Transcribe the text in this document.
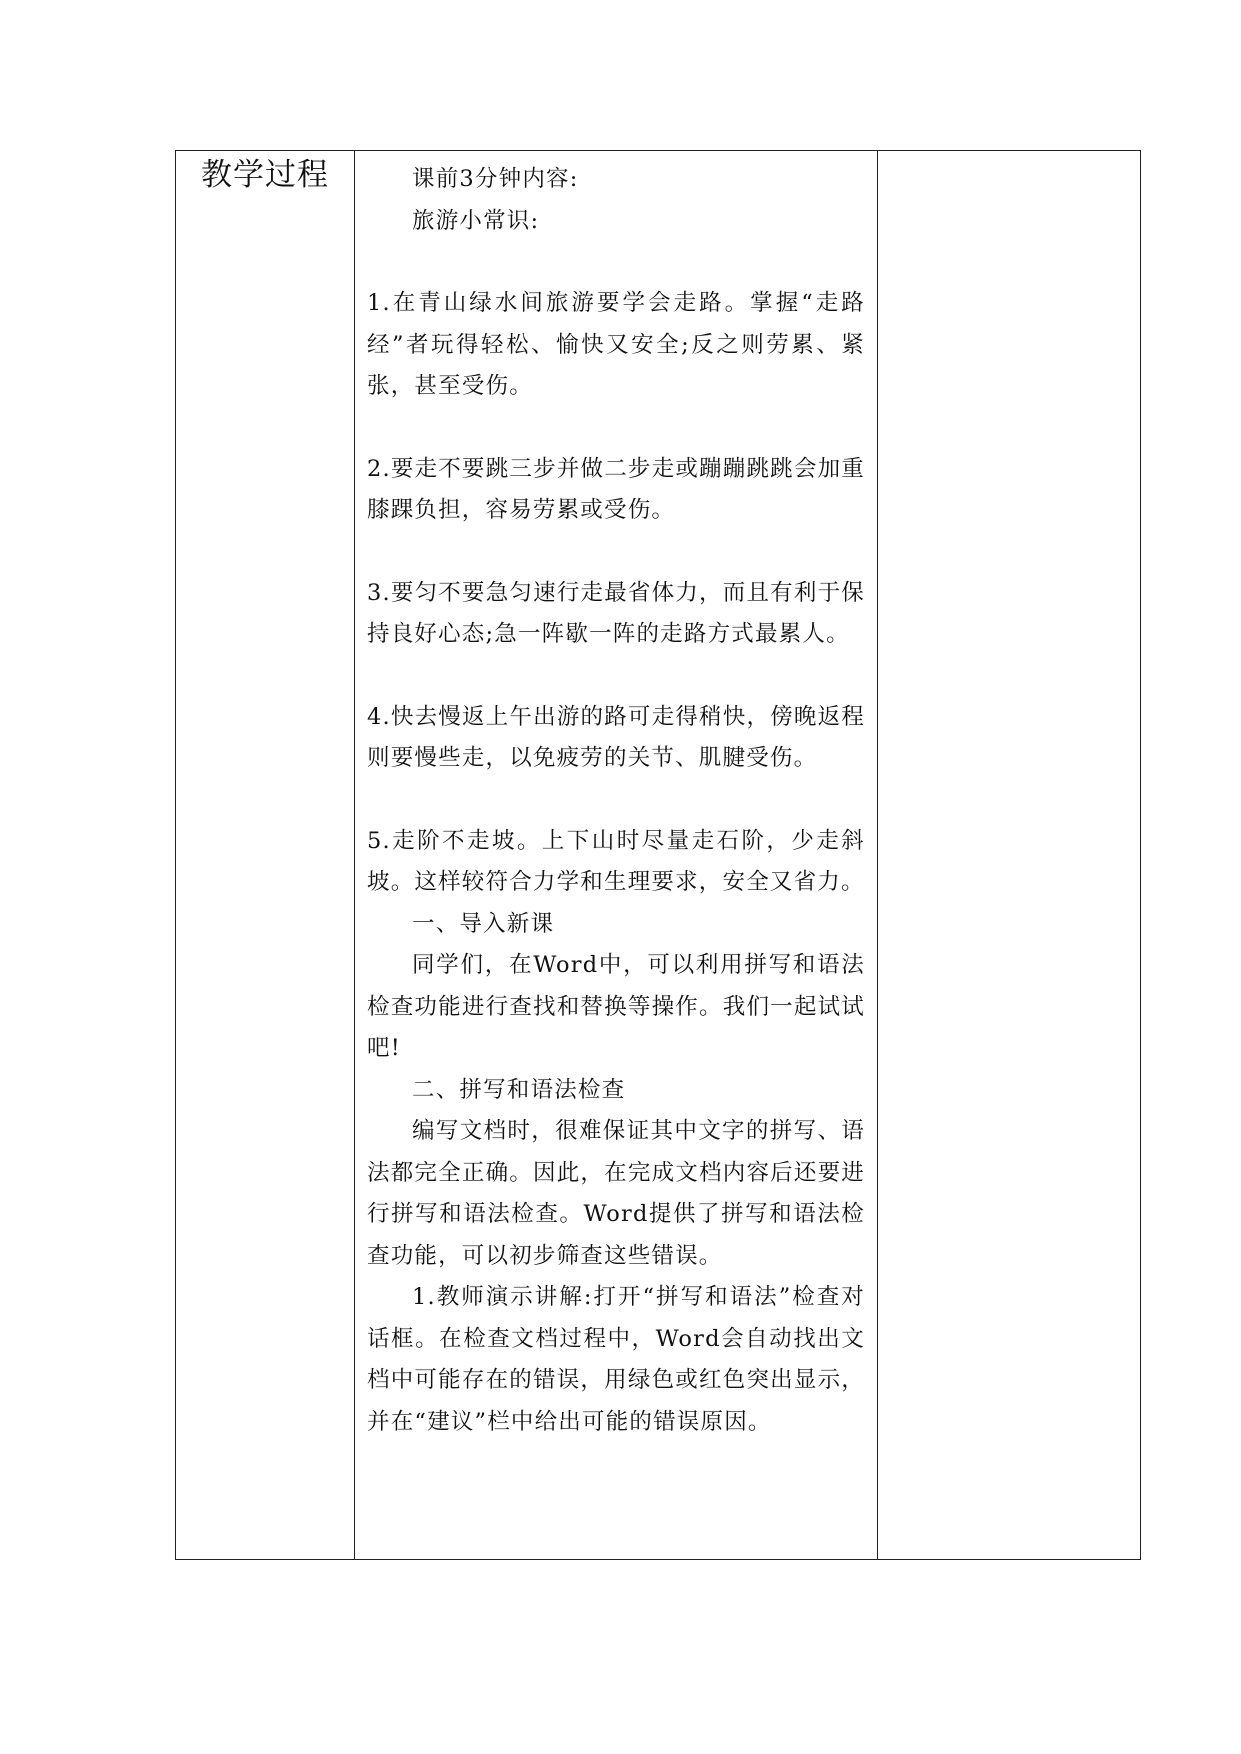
教学过程	课前3分钟内容:

旅游小常识:

1.在青山绿水间旅游要学会走路。掌握“走路经”者玩得轻松、愉快又安全;反之则劳累、紧张，甚至受伤。

2.要走不要跳三步并做二步走或蹦蹦跳跳会加重膝踝负担，容易劳累或受伤。

3.要匀不要急匀速行走最省体力，而且有利于保持良好心态;急一阵歇一阵的走路方式最累人。

4.快去慢返上午出游的路可走得稍快，傍晚返程则要慢些走，以免疲劳的关节、肌腱受伤。

5.走阶不走坡。上下山时尽量走石阶，少走斜坡。这样较符合力学和生理要求，安全又省力。

一、导入新课

同学们，在Word中，可以利用拼写和语法检查功能进行查找和替换等操作。我们一起试试吧!

二、拼写和语法检查

编写文档时，很难保证其中文字的拼写、语法都完全正确。因此，在完成文档内容后还要进行拼写和语法检查。Word提供了拼写和语法检查功能，可以初步筛查这些错误。

1.教师演示讲解:打开“拼写和语法”检查对话框。在检查文档过程中，Word会自动找出文档中可能存在的错误，用绿色或红色突出显示，并在“建议”栏中给出可能的错误原因。
